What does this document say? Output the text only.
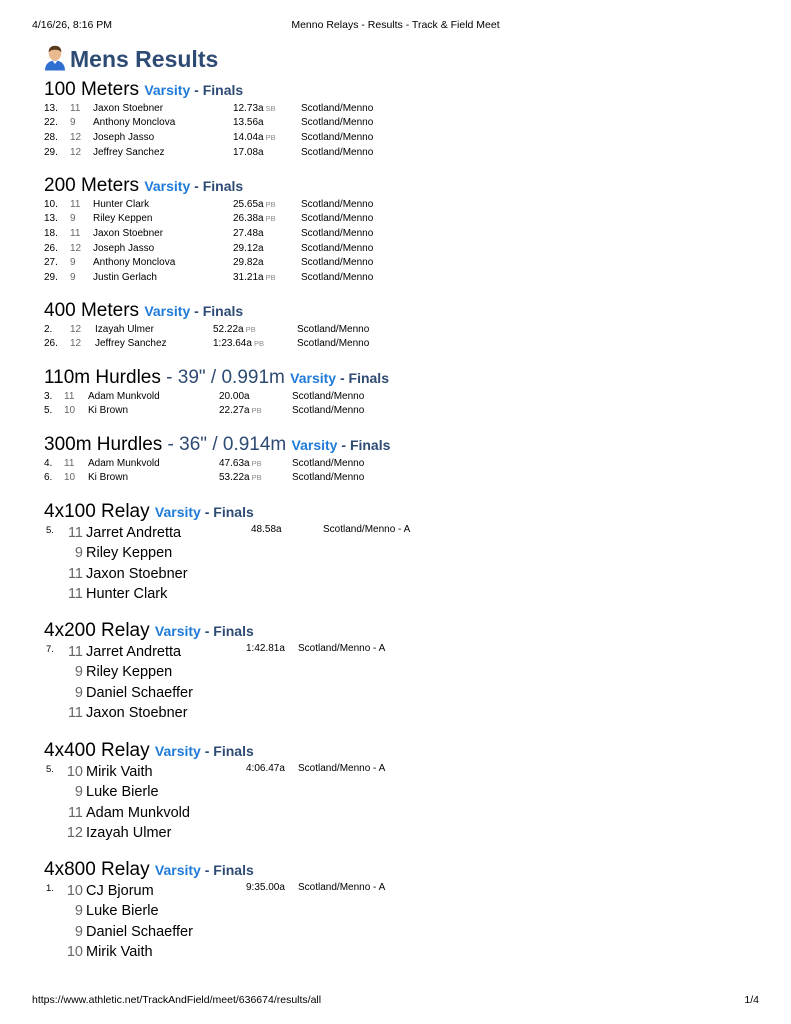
4/16/26, 8:16 PM	Menno Relays - Results - Track & Field Meet
Mens Results
100 Meters Varsity - Finals
13.	11	Jaxon Stoebner	12.73a SB	Scotland/Menno
22.	9	Anthony Monclova	13.56a	Scotland/Menno
28.	12	Joseph Jasso	14.04a PB	Scotland/Menno
29.	12	Jeffrey Sanchez	17.08a	Scotland/Menno
200 Meters Varsity - Finals
10.	11	Hunter Clark	25.65a PB	Scotland/Menno
13.	9	Riley Keppen	26.38a PB	Scotland/Menno
18.	11	Jaxon Stoebner	27.48a	Scotland/Menno
26.	12	Joseph Jasso	29.12a	Scotland/Menno
27.	9	Anthony Monclova	29.82a	Scotland/Menno
29.	9	Justin Gerlach	31.21a PB	Scotland/Menno
400 Meters Varsity - Finals
2.	12	Izayah Ulmer	52.22a PB	Scotland/Menno
26.	12	Jeffrey Sanchez	1:23.64a PB	Scotland/Menno
110m Hurdles - 39" / 0.991m Varsity - Finals
3.	11	Adam Munkvold	20.00a	Scotland/Menno
5.	10	Ki Brown	22.27a PB	Scotland/Menno
300m Hurdles - 36" / 0.914m Varsity - Finals
4.	11	Adam Munkvold	47.63a PB	Scotland/Menno
6.	10	Ki Brown	53.22a PB	Scotland/Menno
4x100 Relay Varsity - Finals
5. 11 Jarret Andretta
9 Riley Keppen
11 Jaxon Stoebner
11 Hunter Clark
48.58a	Scotland/Menno - A
4x200 Relay Varsity - Finals
7. 11 Jarret Andretta
9 Riley Keppen
9 Daniel Schaeffer
11 Jaxon Stoebner
1:42.81a Scotland/Menno - A
4x400 Relay Varsity - Finals
5. 10 Mirik Vaith
9 Luke Bierle
11 Adam Munkvold
12 Izayah Ulmer
4:06.47a Scotland/Menno - A
4x800 Relay Varsity - Finals
1. 10 CJ Bjorum
9 Luke Bierle
9 Daniel Schaeffer
10 Mirik Vaith
9:35.00a Scotland/Menno - A
https://www.athletic.net/TrackAndField/meet/636674/results/all	1/4
